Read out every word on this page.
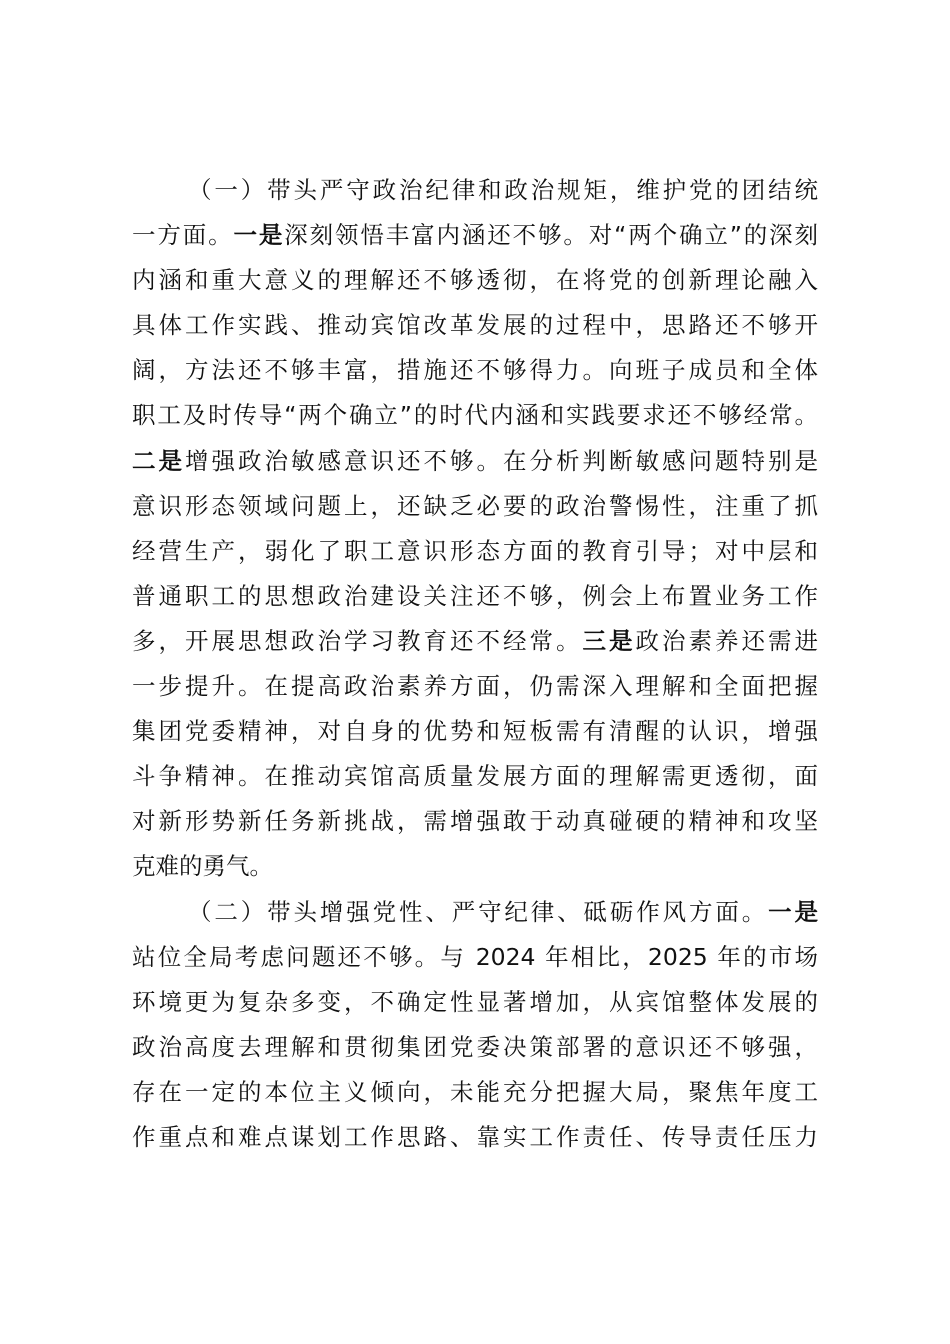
（一）带头严守政治纪律和政治规矩，维护党的团结统
一方面。一是深刻领悟丰富内涵还不够。对“两个确立”的深刻
内涵和重大意义的理解还不够透彻，在将党的创新理论融入
具体工作实践、推动宾馆改革发展的过程中，思路还不够开
阔，方法还不够丰富，措施还不够得力。向班子成员和全体
职工及时传导“两个确立”的时代内涵和实践要求还不够经常。
二是增强政治敏感意识还不够。在分析判断敏感问题特别是
意识形态领域问题上，还缺乏必要的政治警惕性，注重了抓
经营生产，弱化了职工意识形态方面的教育引导；对中层和
普通职工的思想政治建设关注还不够，例会上布置业务工作
多，开展思想政治学习教育还不经常。三是政治素养还需进
一步提升。在提高政治素养方面，仍需深入理解和全面把握
集团党委精神，对自身的优势和短板需有清醒的认识，增强
斗争精神。在推动宾馆高质量发展方面的理解需更透彻，面
对新形势新任务新挑战，需增强敢于动真碰硬的精神和攻坚
克难的勇气。
（二）带头增强党性、严守纪律、砥砺作风方面。一是
站位全局考虑问题还不够。与 2024 年相比，2025 年的市场
环境更为复杂多变，不确定性显著增加，从宾馆整体发展的
政治高度去理解和贯彻集团党委决策部署的意识还不够强，
存在一定的本位主义倾向，未能充分把握大局，聚焦年度工
作重点和难点谋划工作思路、靠实工作责任、传导责任压力
